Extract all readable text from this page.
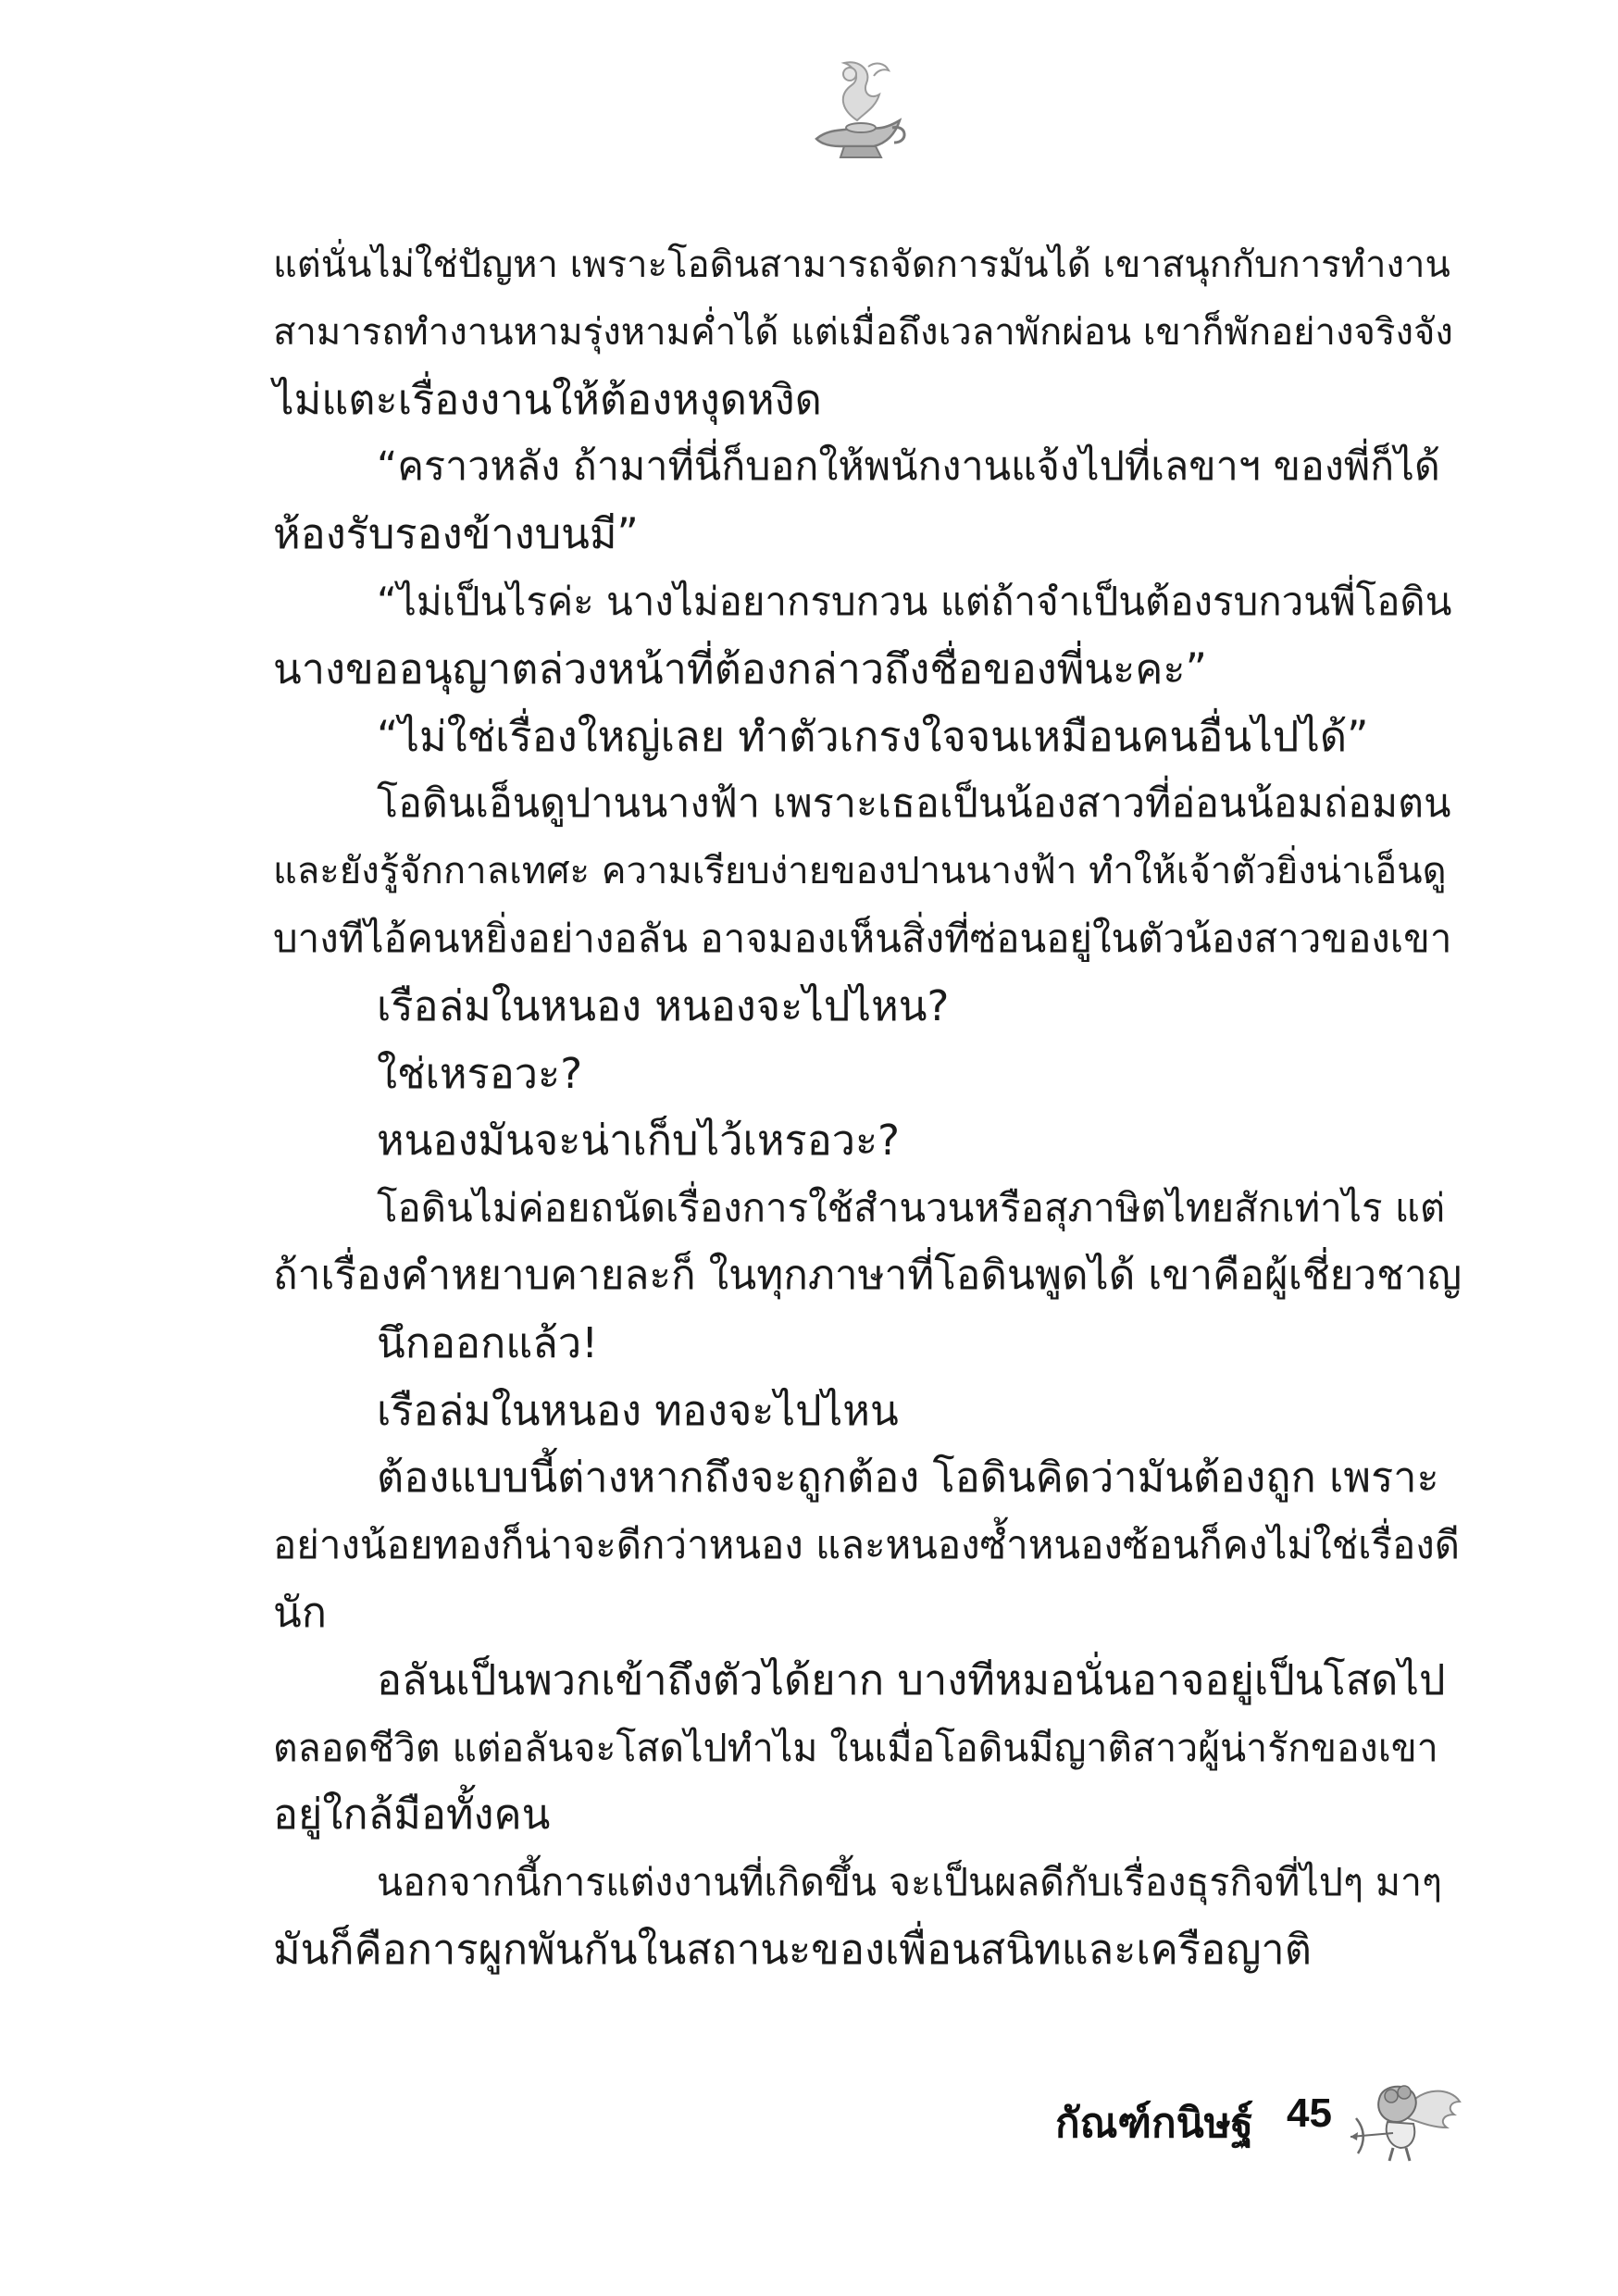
แต่นั่นไม่ใช่ปัญหา เพราะโอดินสามารถจัดการมันได้ เขาสนุกกับการทำงาน
สามารถทำงานหามรุ่งหามค่ำได้ แต่เมื่อถึงเวลาพักผ่อน เขาก็พักอย่างจริงจัง
ไม่แตะเรื่องงานให้ต้องหงุดหงิด
“คราวหลัง ถ้ามาที่นี่ก็บอกให้พนักงานแจ้งไปที่เลขาฯ ของพี่ก็ได้
ห้องรับรองข้างบนมี”
“ไม่เป็นไรค่ะ นางไม่อยากรบกวน แต่ถ้าจำเป็นต้องรบกวนพี่โอดิน
นางขออนุญาตล่วงหน้าที่ต้องกล่าวถึงชื่อของพี่นะคะ”
“ไม่ใช่เรื่องใหญ่เลย ทำตัวเกรงใจจนเหมือนคนอื่นไปได้”
โอดินเอ็นดูปานนางฟ้า เพราะเธอเป็นน้องสาวที่อ่อนน้อมถ่อมตน
และยังรู้จักกาลเทศะ ความเรียบง่ายของปานนางฟ้า ทำให้เจ้าตัวยิ่งน่าเอ็นดู
บางทีไอ้คนหยิ่งอย่างอลัน อาจมองเห็นสิ่งที่ซ่อนอยู่ในตัวน้องสาวของเขา
เรือล่มในหนอง หนองจะไปไหน?
ใช่เหรอวะ?
หนองมันจะน่าเก็บไว้เหรอวะ?
โอดินไม่ค่อยถนัดเรื่องการใช้สำนวนหรือสุภาษิตไทยสักเท่าไร แต่
ถ้าเรื่องคำหยาบคายละก็ ในทุกภาษาที่โอดินพูดได้ เขาคือผู้เชี่ยวชาญ
นึกออกแล้ว!
เรือล่มในหนอง ทองจะไปไหน
ต้องแบบนี้ต่างหากถึงจะถูกต้อง โอดินคิดว่ามันต้องถูก เพราะ
อย่างน้อยทองก็น่าจะดีกว่าหนอง และหนองซ้ำหนองซ้อนก็คงไม่ใช่เรื่องดี
นัก
อลันเป็นพวกเข้าถึงตัวได้ยาก บางทีหมอนั่นอาจอยู่เป็นโสดไป
ตลอดชีวิต แต่อลันจะโสดไปทำไม ในเมื่อโอดินมีญาติสาวผู้น่ารักของเขา
อยู่ใกล้มือทั้งคน
นอกจากนี้การแต่งงานที่เกิดขึ้น จะเป็นผลดีกับเรื่องธุรกิจที่ไปๆ มาๆ
มันก็คือการผูกพันกันในสถานะของเพื่อนสนิทและเครือญาติ
กัณฑ์กนิษฐ์ 45
